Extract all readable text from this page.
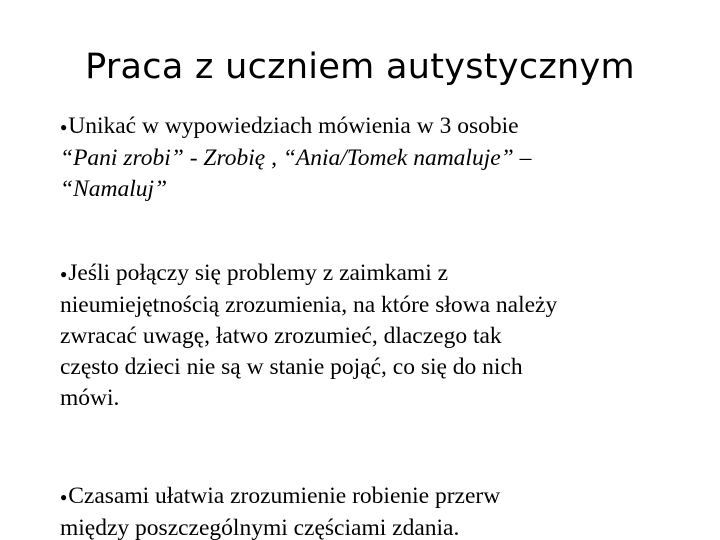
Praca z uczniem autystycznym
●Unikać w wypowiedziach mówienia w 3 osobie
“Pani zrobi” - Zrobię , “Ania/Tomek namaluje” –
“Namaluj”
●Jeśli połączy się problemy z zaimkami z
nieumiejętnością zrozumienia, na które słowa należy
zwracać uwagę, łatwo zrozumieć, dlaczego tak
często dzieci nie są w stanie pojąć, co się do nich
mówi.
●Czasami ułatwia zrozumienie robienie przerw
między poszczególnymi częściami zdania.
